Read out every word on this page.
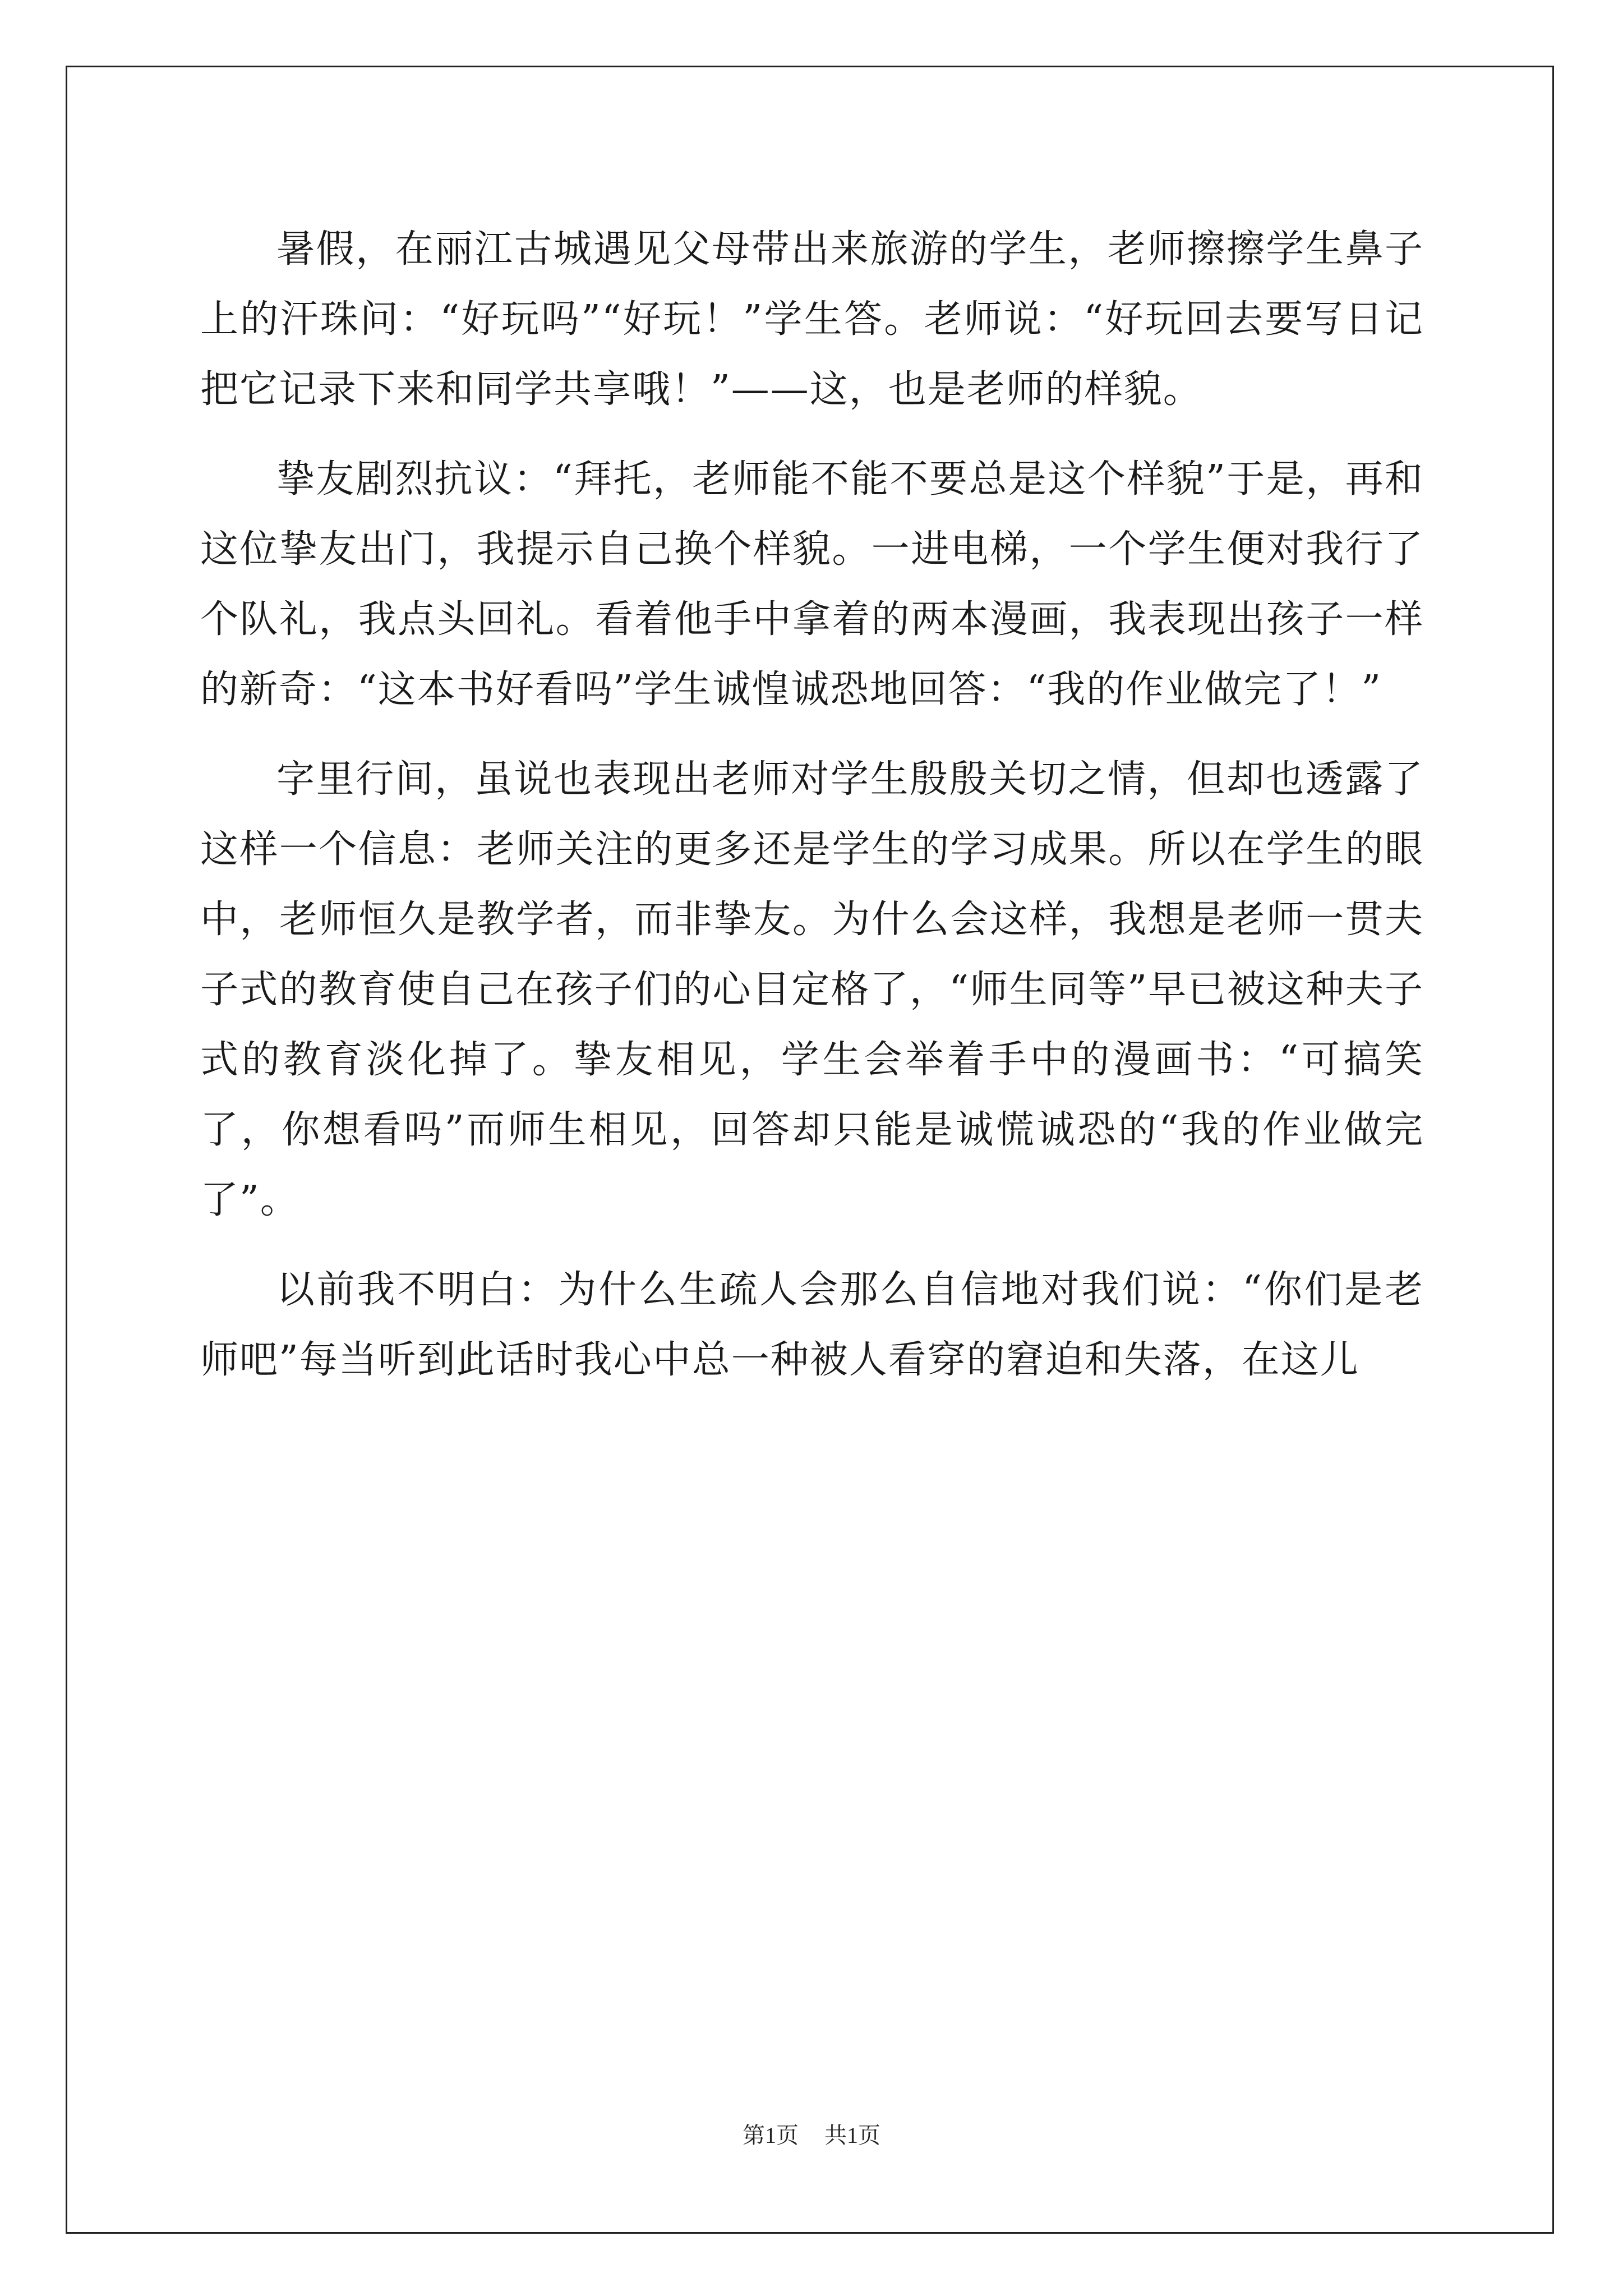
暑假，在丽江古城遇见父母带出来旅游的学生，老师擦擦学生鼻子上的汗珠问：“好玩吗”“好玩！”学生答。老师说：“好玩回去要写日记把它记录下来和同学共享哦！”——这，也是老师的样貌。

挚友剧烈抗议：“拜托，老师能不能不要总是这个样貌”于是，再和这位挚友出门，我提示自己换个样貌。一进电梯，一个学生便对我行了个队礼，我点头回礼。看着他手中拿着的两本漫画，我表现出孩子一样的新奇：“这本书好看吗”学生诚惶诚恐地回答：“我的作业做完了！”

字里行间，虽说也表现出老师对学生殷殷关切之情，但却也透露了这样一个信息：老师关注的更多还是学生的学习成果。所以在学生的眼中，老师恒久是教学者，而非挚友。为什么会这样，我想是老师一贯夫子式的教育使自己在孩子们的心目定格了，“师生同等”早已被这种夫子式的教育淡化掉了。挚友相见，学生会举着手中的漫画书：“可搞笑了，你想看吗”而师生相见，回答却只能是诚慌诚恐的“我的作业做完了”。

以前我不明白：为什么生疏人会那么自信地对我们说：“你们是老师吧”每当听到此话时我心中总一种被人看穿的窘迫和失落，在这儿

第1页 共1页
